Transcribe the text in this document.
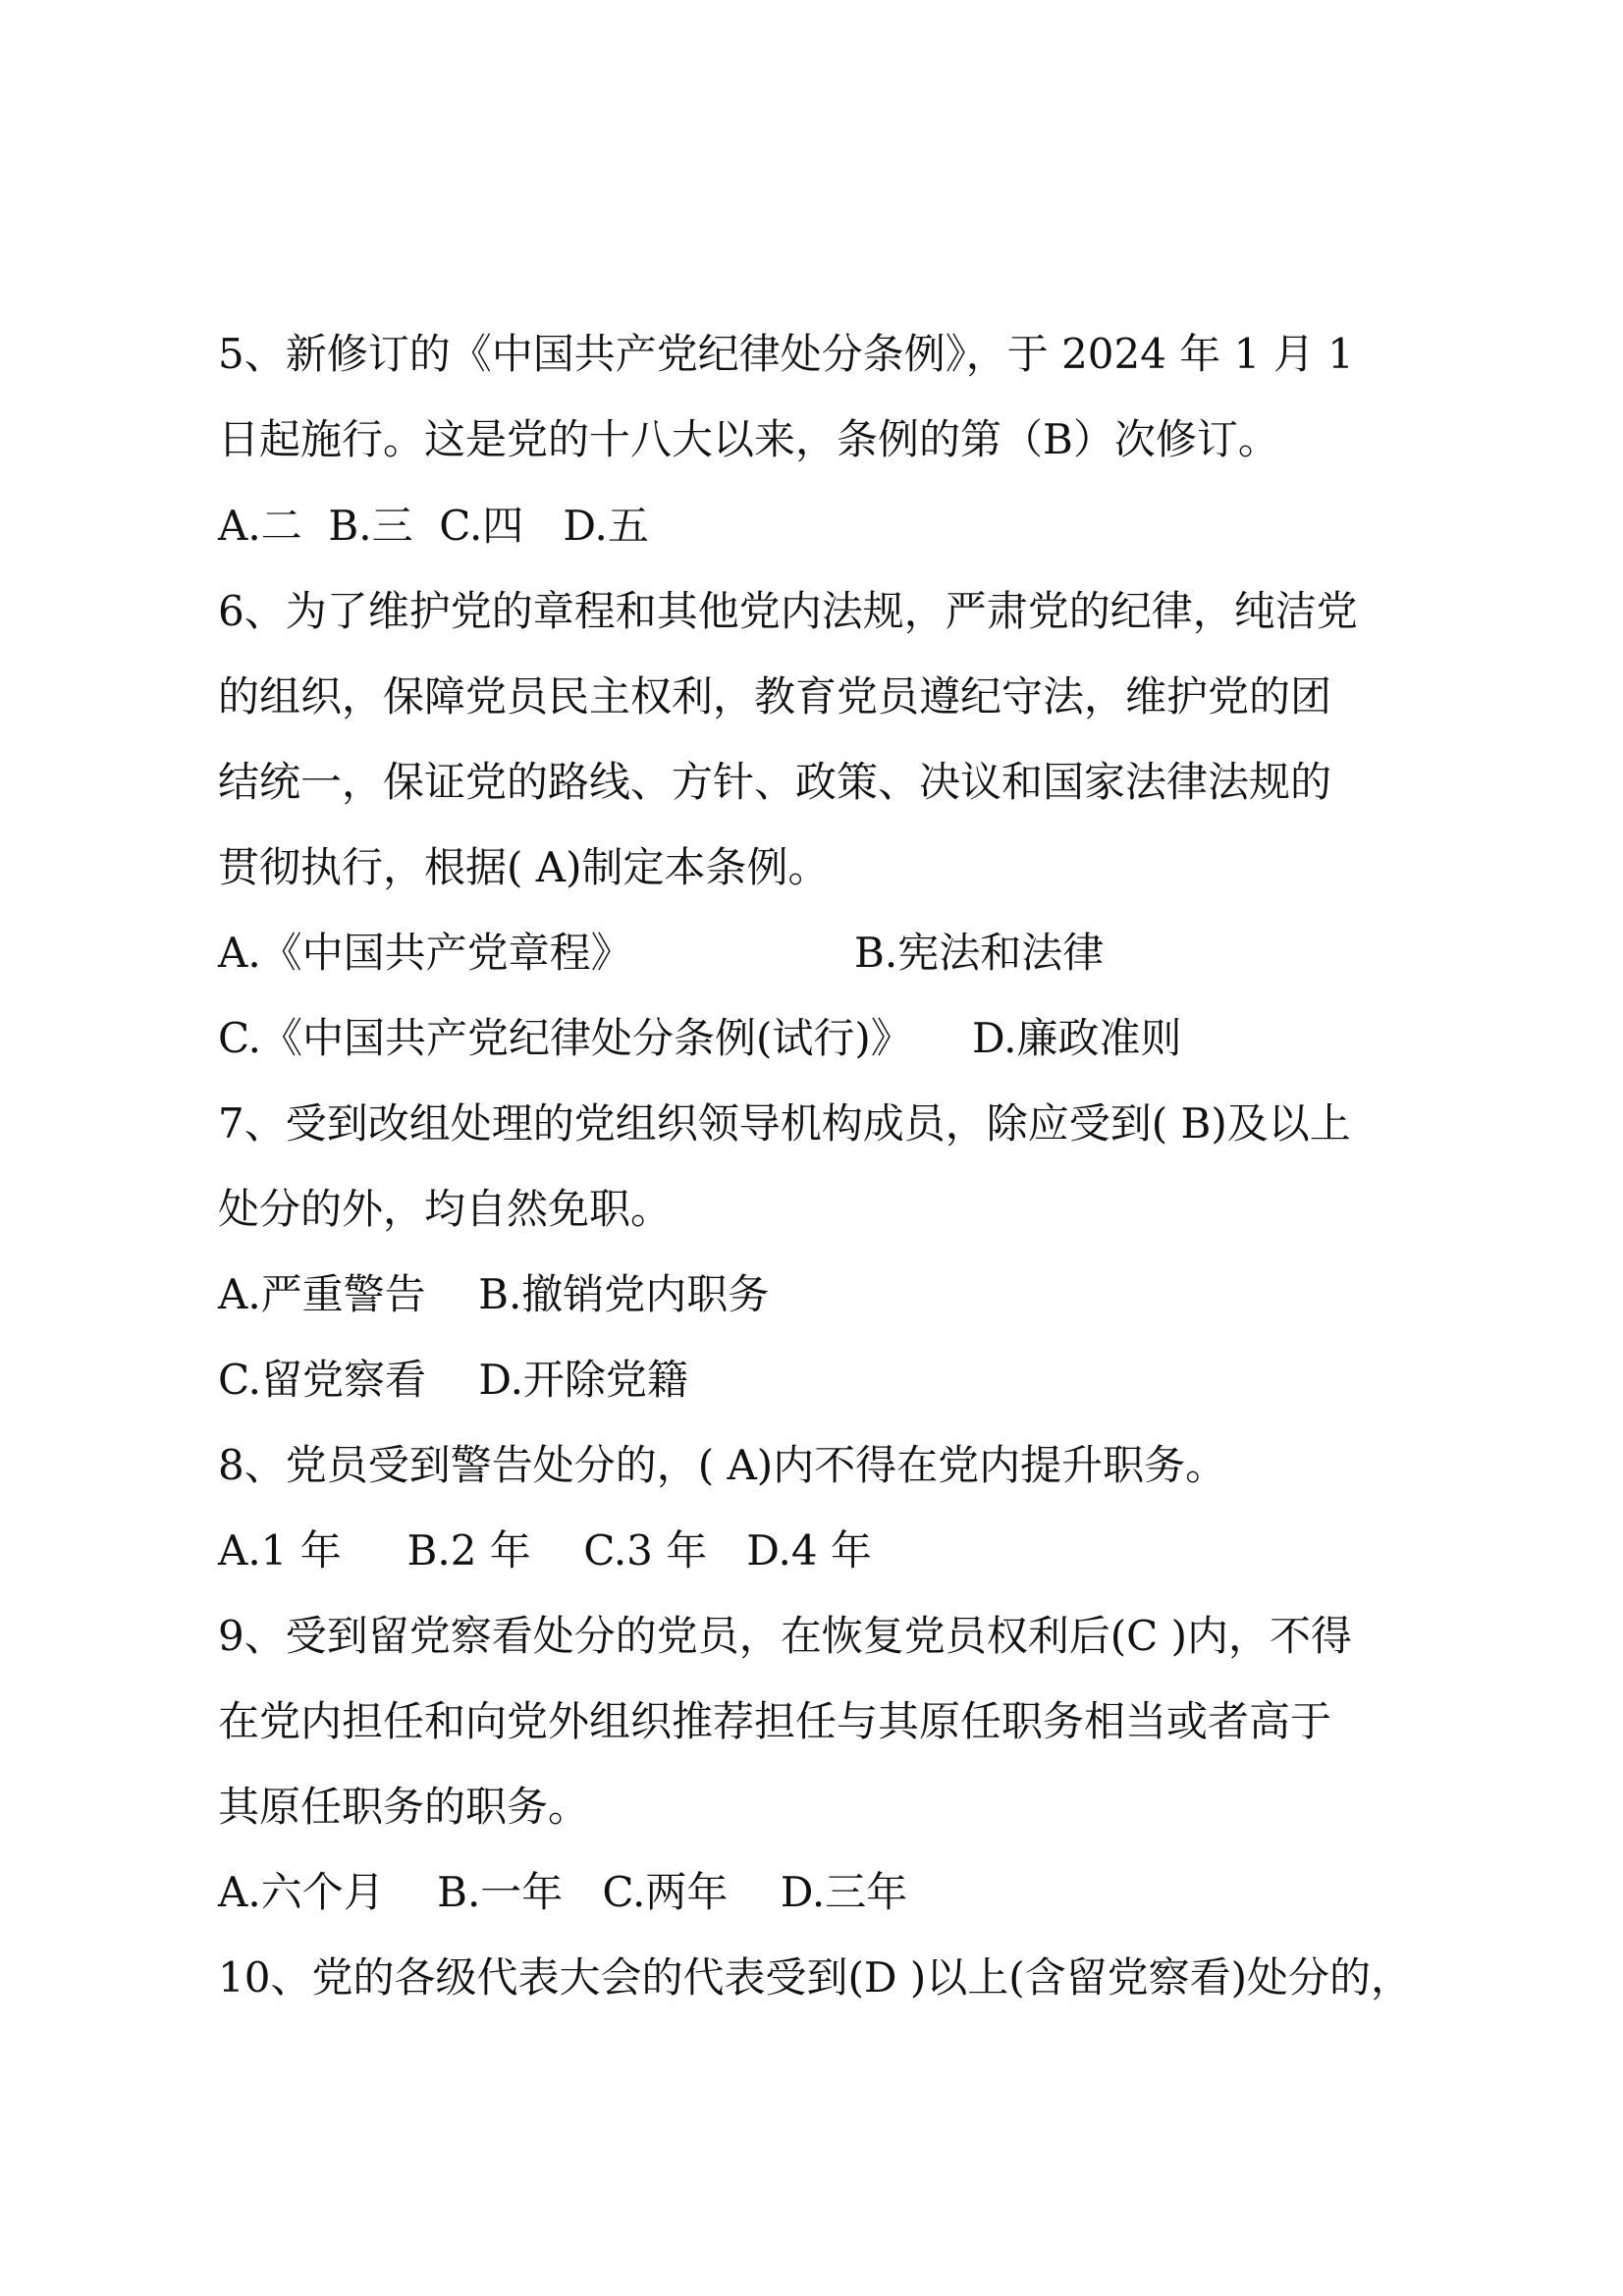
5、新修订的《中国共产党纪律处分条例》，于 2024 年 1 月 1

日起施行。这是党的十八大以来，条例的第（B）次修订。

A.二  B.三  C.四   D.五

6、为了维护党的章程和其他党内法规，严肃党的纪律，纯洁党

的组织，保障党员民主权利，教育党员遵纪守法，维护党的团

结统一，保证党的路线、方针、政策、决议和国家法律法规的

贯彻执行，根据( A)制定本条例。

A.《中国共产党章程》	B.宪法和法律
C.《中国共产党纪律处分条例(试行)》 D.廉政准则

7、受到改组处理的党组织领导机构成员，除应受到( B)及以上

处分的外，均自然免职。

A.严重警告    B.撤销党内职务

C.留党察看    D.开除党籍

8、党员受到警告处分的，( A)内不得在党内提升职务。

A.1 年     B.2 年    C.3 年   D.4 年

9、受到留党察看处分的党员，在恢复党员权利后(C )内，不得

在党内担任和向党外组织推荐担任与其原任职务相当或者高于

其原任职务的职务。

A.六个月    B.一年   C.两年    D.三年

10、党的各级代表大会的代表受到(D )以上(含留党察看)处分的，
